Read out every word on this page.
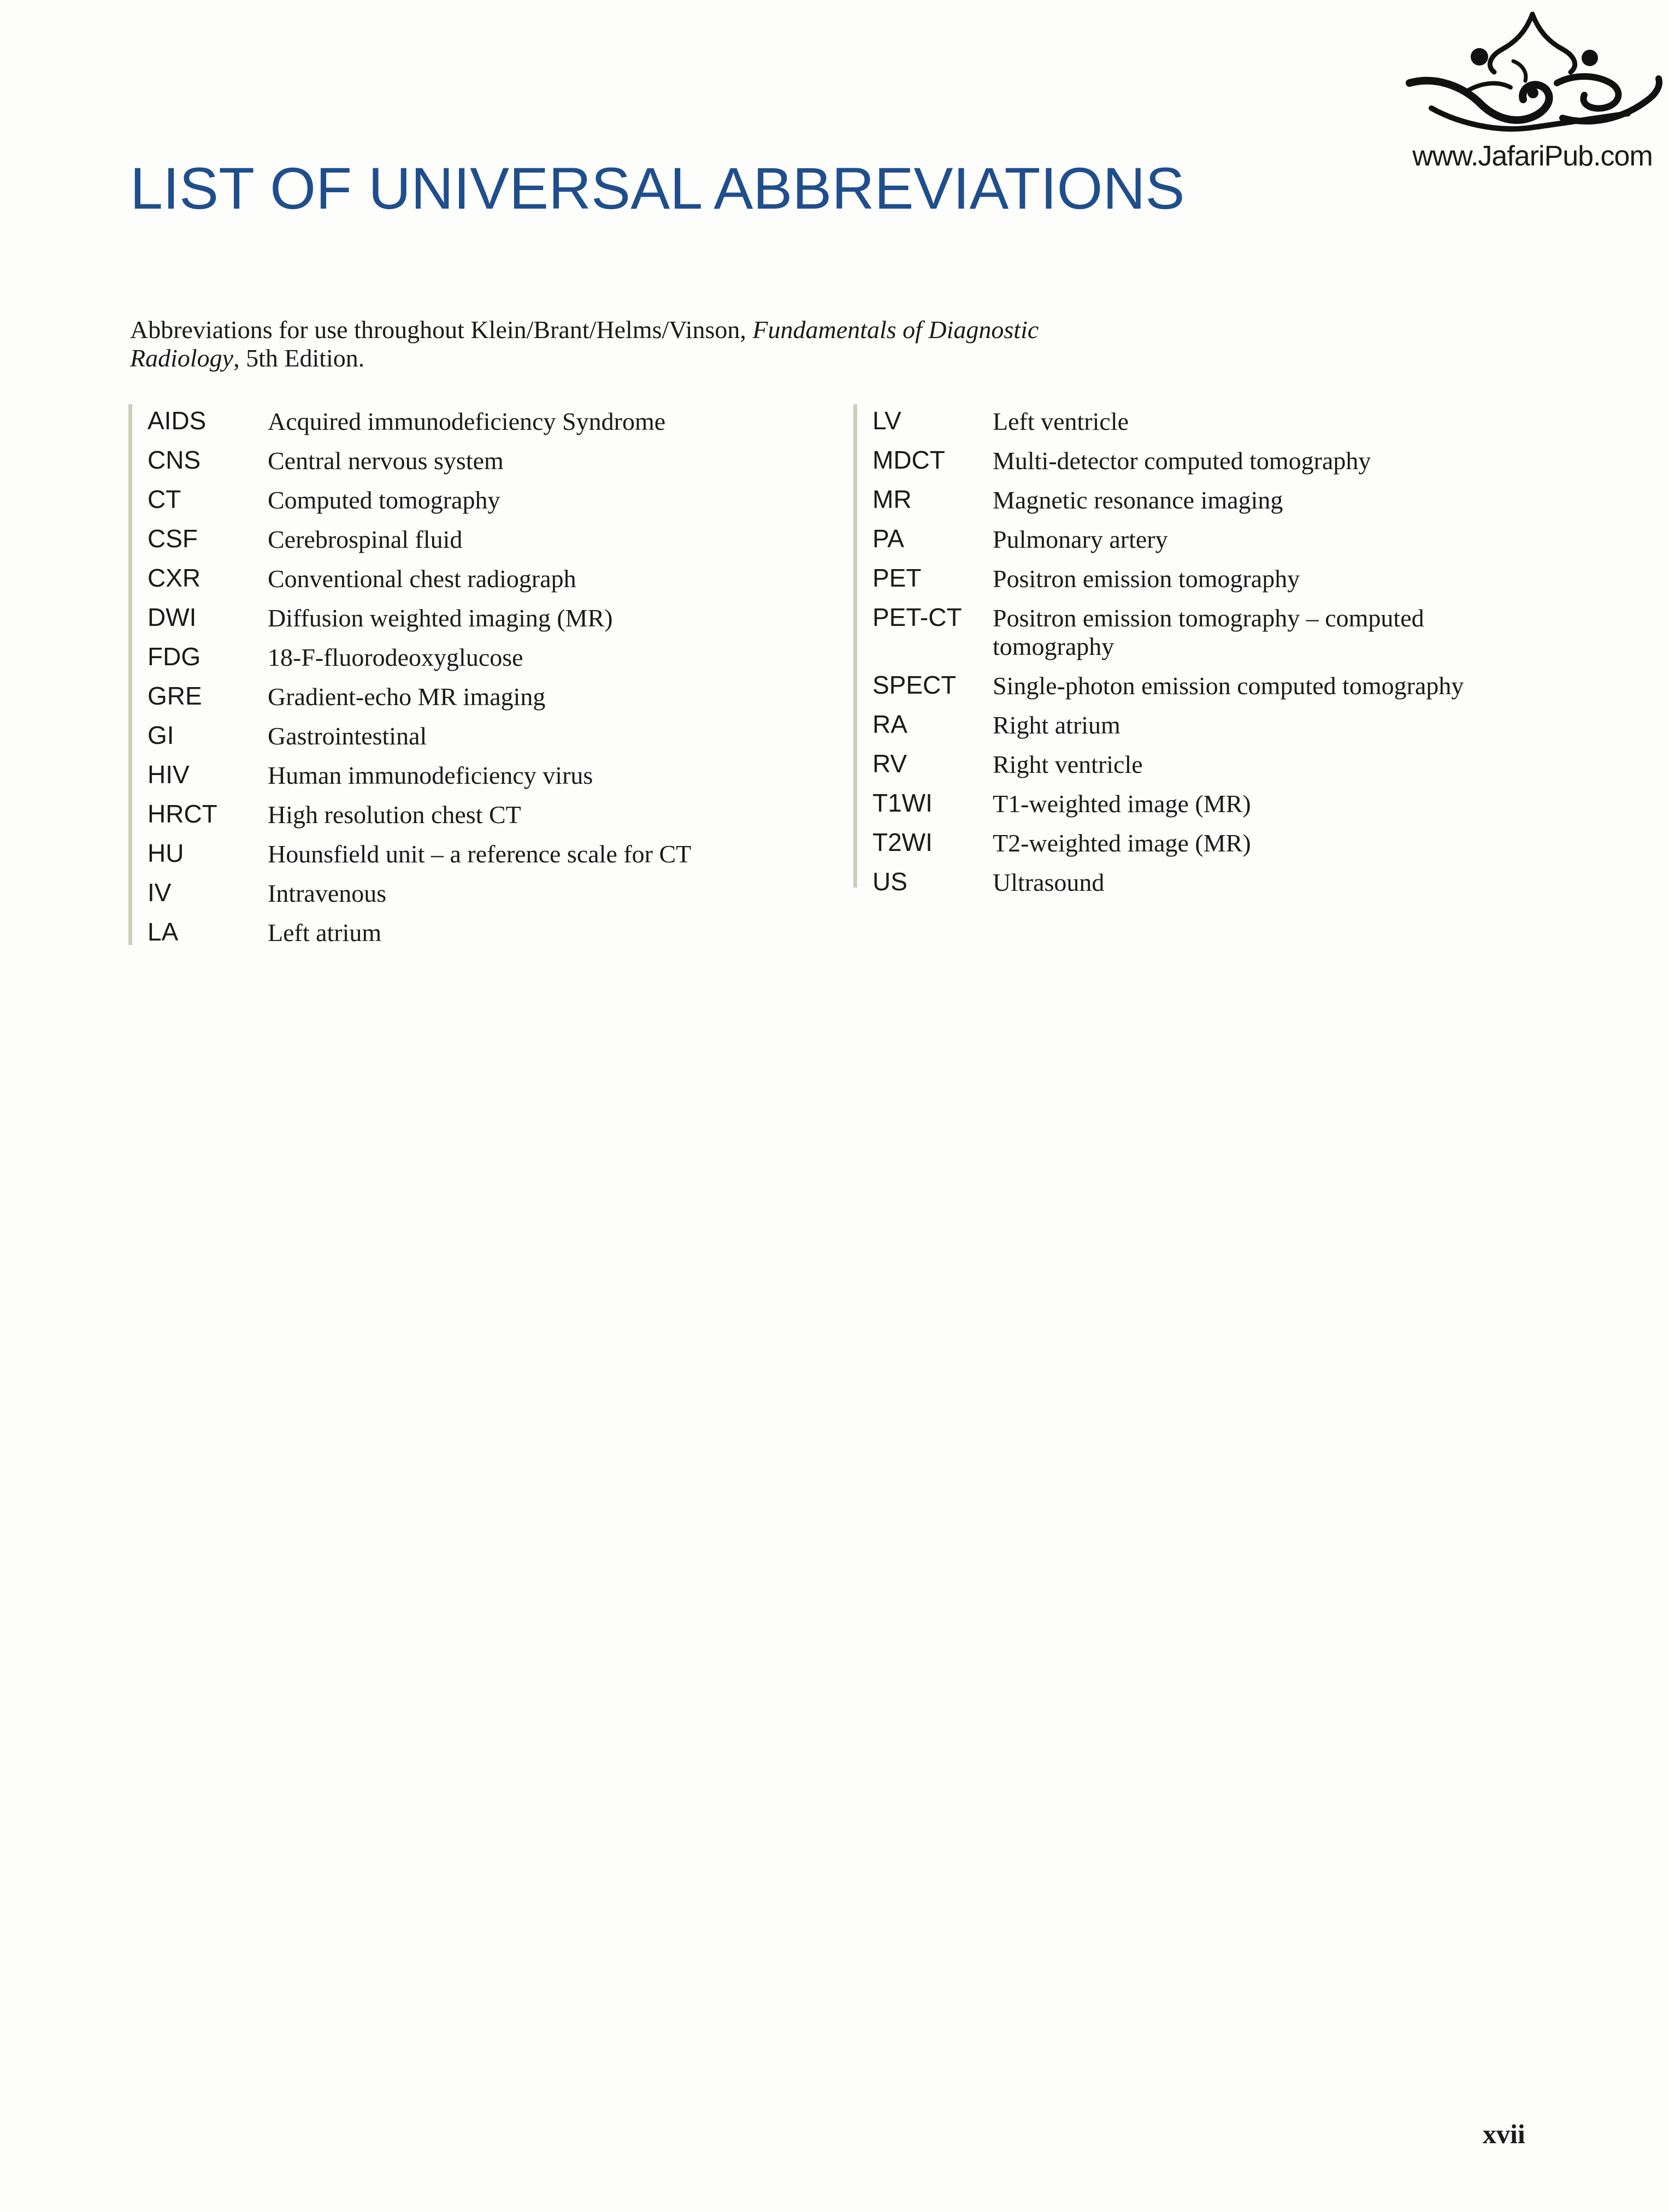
www.JafariPub.com
LIST OF UNIVERSAL ABBREVIATIONS

Abbreviations for use throughout Klein/Brant/Helms/Vinson, Fundamentals of Diagnostic Radiology, 5th Edition.

AIDS Acquired immunodeficiency Syndrome
CNS	Central nervous system
CT	Computed tomography
CSF	Cerebrospinal fluid
CXR	Conventional chest radiograph
DWI	Diffusion weighted imaging (MR)
FDG	18-F-fluorodeoxyglucose
GRE	Gradient-echo MR imaging
GI	Gastrointestinal
HIV	Human immunodeficiency virus
HRCT High resolution chest CT
HU	Hounsfield unit – a reference scale for CT
IV	Intravenous
LA	Left atrium
LV	Left ventricle
MDCT Multi-detector computed tomography
MR	Magnetic resonance imaging
PA	Pulmonary artery
PET	Positron emission tomography
PET-CT Positron emission tomography – computed tomography
SPECT Single-photon emission computed tomography
RA	Right atrium
RV	Right ventricle
T1WI T1-weighted image (MR)
T2WI T2-weighted image (MR)
US	Ultrasound
xvii
